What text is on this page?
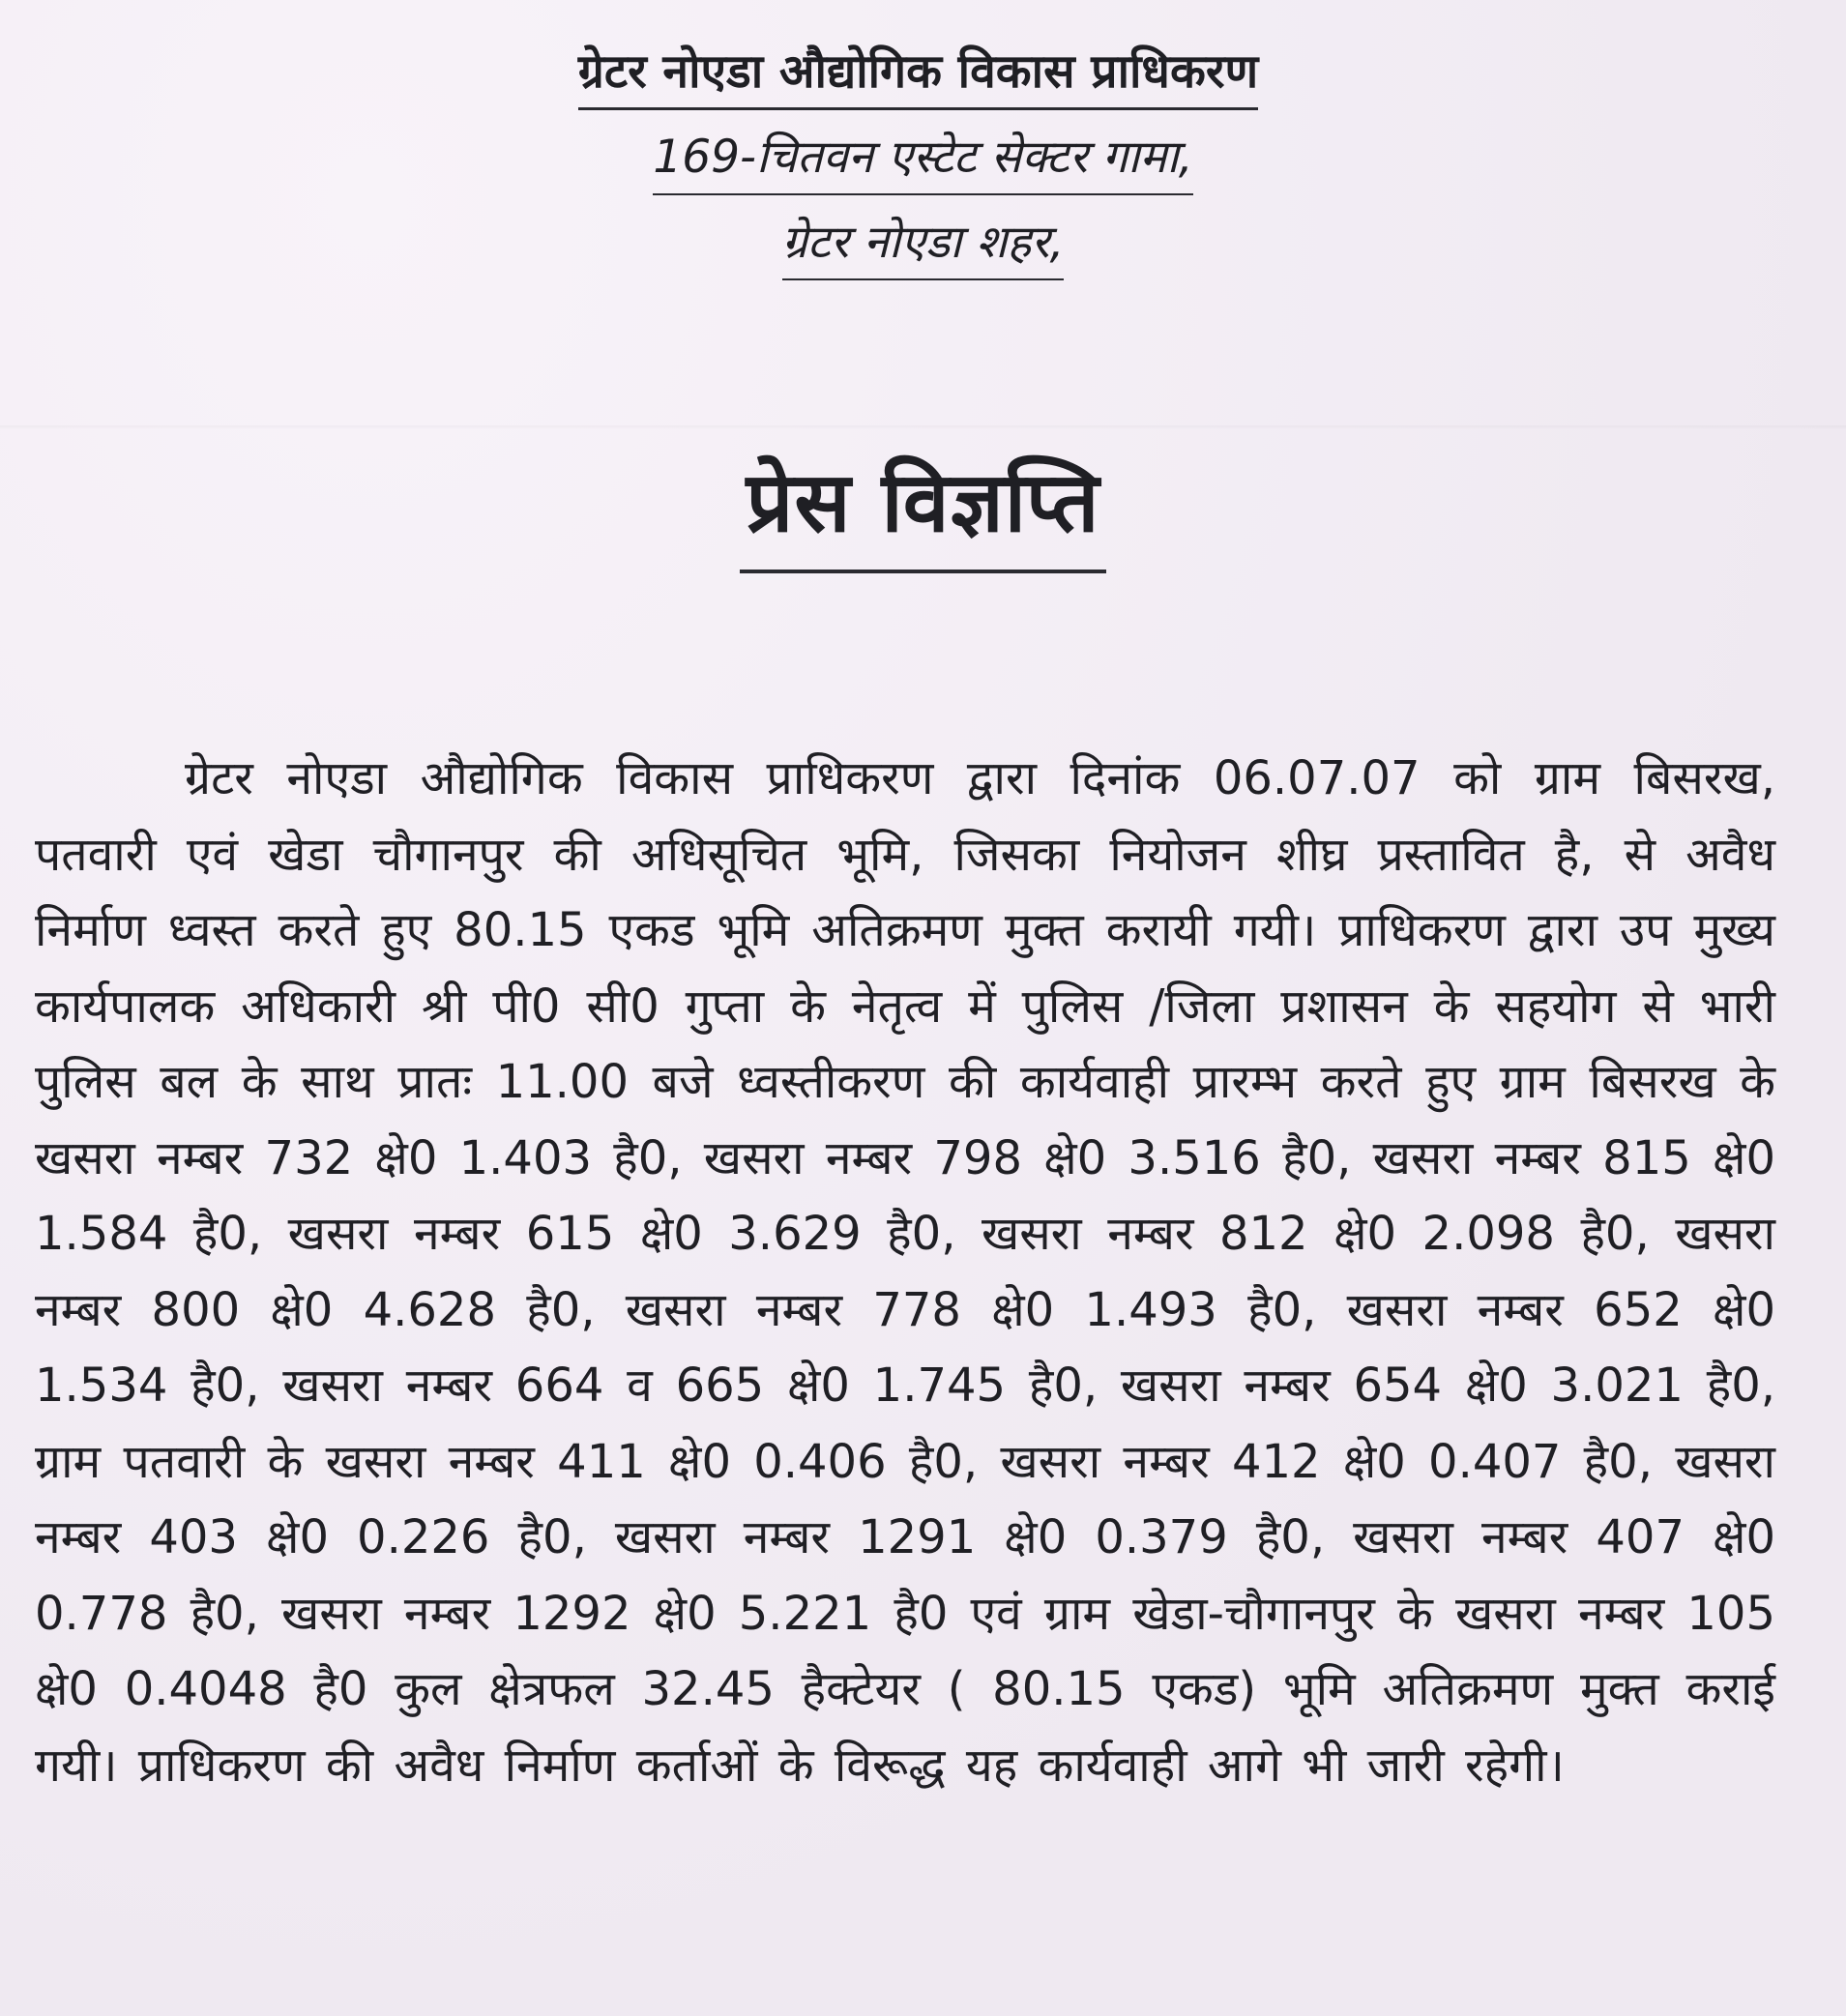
ग्रेटर नोएडा औद्योगिक विकास प्राधिकरण
169-चितवन एस्टेट सेक्टर गामा,
ग्रेटर नोएडा शहर,
प्रेस विज्ञप्ति
ग्रेटर नोएडा औद्योगिक विकास प्राधिकरण द्वारा दिनांक 06.07.07 को ग्राम बिसरख, पतवारी एवं खेडा चौगानपुर की अधिसूचित भूमि, जिसका नियोजन शीघ्र प्रस्तावित है, से अवैध निर्माण ध्वस्त करते हुए 80.15 एकड भूमि अतिक्रमण मुक्त करायी गयी। प्राधिकरण द्वारा उप मुख्य कार्यपालक अधिकारी श्री पी0 सी0 गुप्ता के नेतृत्व में पुलिस /जिला प्रशासन के सहयोग से भारी पुलिस बल के साथ प्रातः 11.00 बजे ध्वस्तीकरण की कार्यवाही प्रारम्भ करते हुए ग्राम बिसरख के खसरा नम्बर 732 क्षे0 1.403 है0, खसरा नम्बर 798 क्षे0 3.516 है0, खसरा नम्बर 815 क्षे0 1.584 है0, खसरा नम्बर 615 क्षे0 3.629 है0, खसरा नम्बर 812 क्षे0 2.098 है0, खसरा नम्बर 800 क्षे0 4.628 है0, खसरा नम्बर 778 क्षे0 1.493 है0, खसरा नम्बर 652 क्षे0 1.534 है0, खसरा नम्बर 664 व 665 क्षे0 1.745 है0, खसरा नम्बर 654 क्षे0 3.021 है0, ग्राम पतवारी के खसरा नम्बर 411 क्षे0 0.406 है0, खसरा नम्बर 412 क्षे0 0.407 है0, खसरा नम्बर 403 क्षे0 0.226 है0, खसरा नम्बर 1291 क्षे0 0.379 है0, खसरा नम्बर 407 क्षे0 0.778 है0, खसरा नम्बर 1292 क्षे0 5.221 है0 एवं ग्राम खेडा-चौगानपुर के खसरा नम्बर 105 क्षे0 0.4048 है0 कुल क्षेत्रफल 32.45 हैक्टेयर ( 80.15 एकड) भूमि अतिक्रमण मुक्त कराई गयी। प्राधिकरण की अवैध निर्माण कर्ताओं के विरूद्ध यह कार्यवाही आगे भी जारी रहेगी।
